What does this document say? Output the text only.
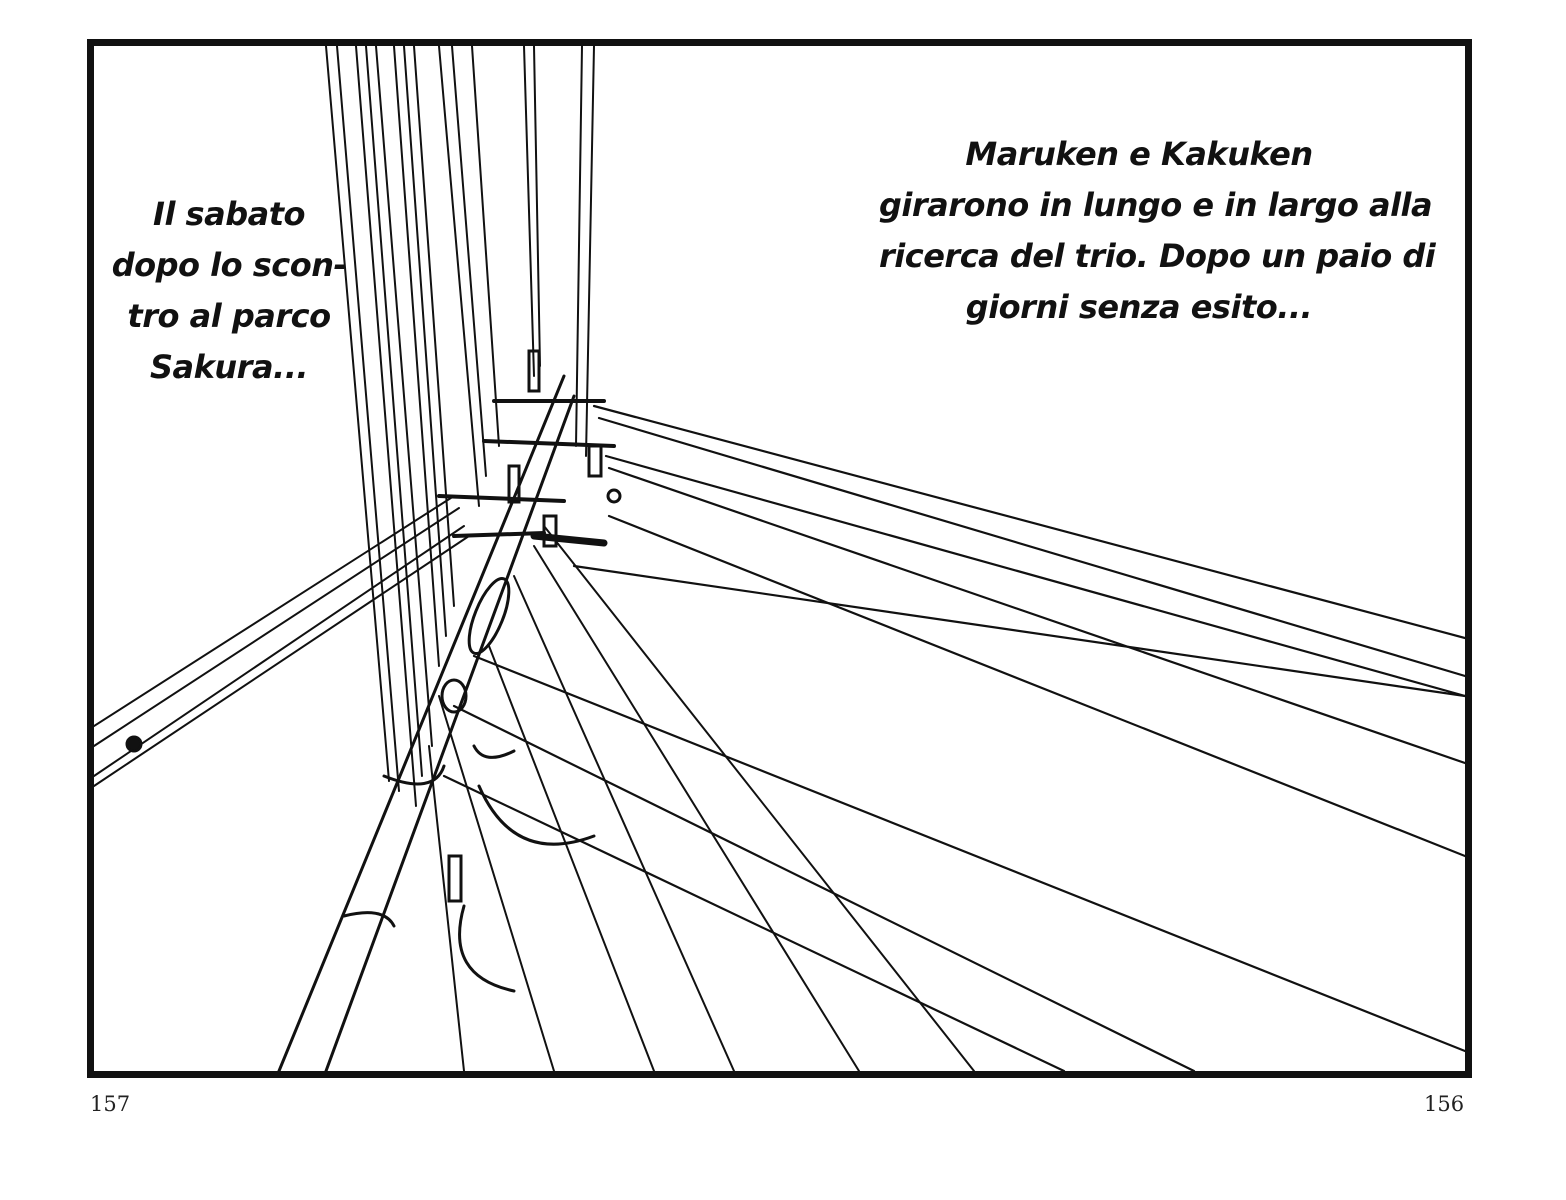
Il sabato
dopo lo scon-
tro al parco
Sakura...
Maruken e Kakuken
girarono in lungo e in largo alla
ricerca del trio. Dopo un paio di
giorni senza esito...
157	156
